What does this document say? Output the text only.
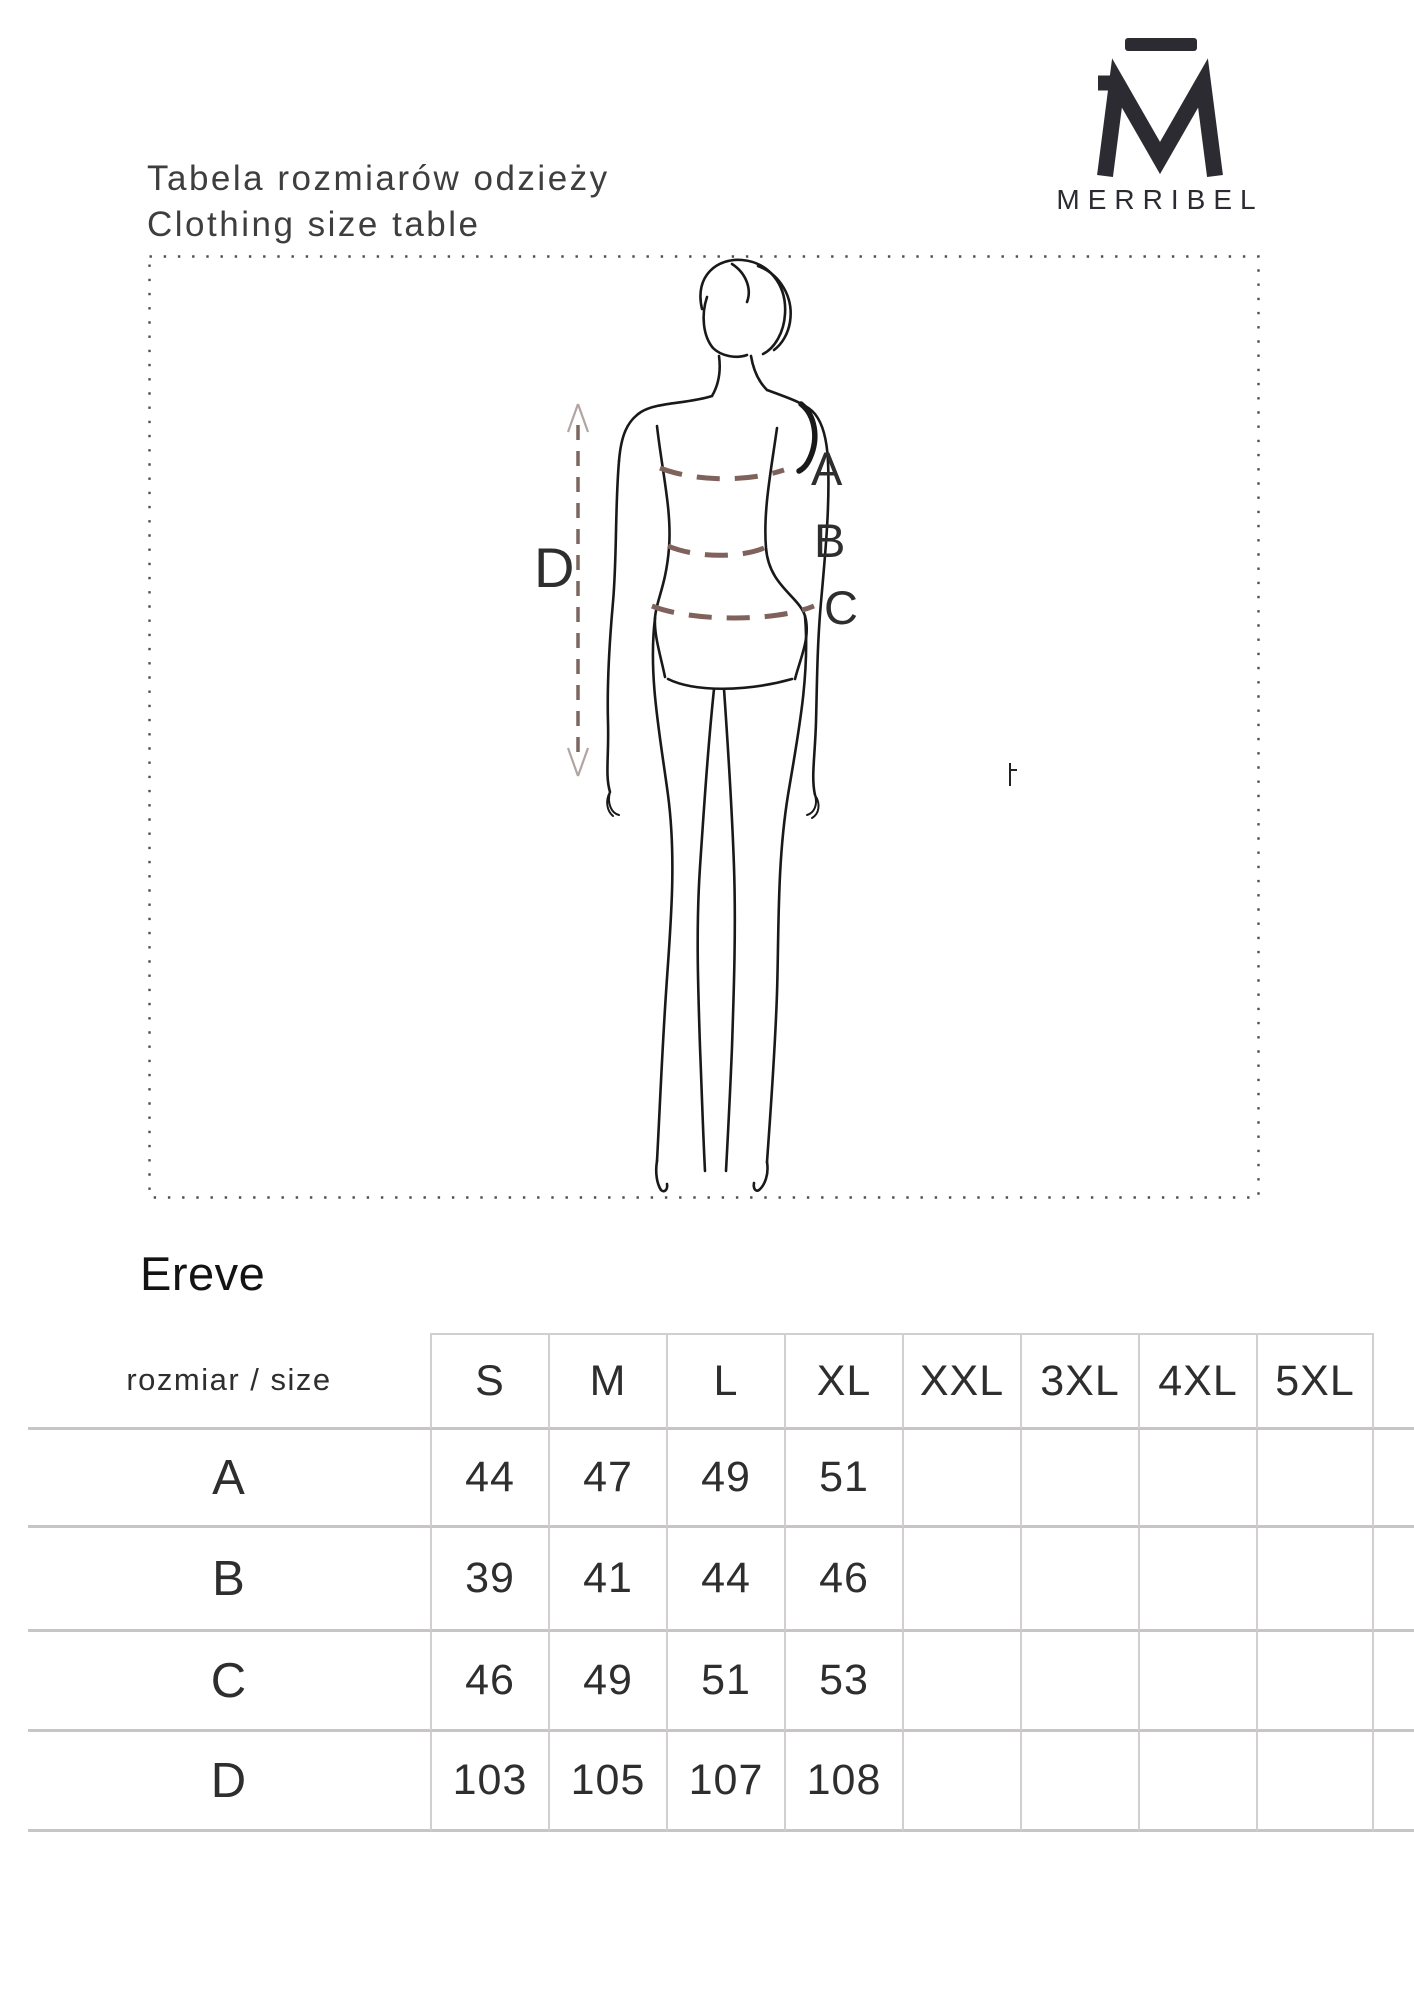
Tabela rozmiarów odzieży
Clothing size table
MERRIBEL
A
B
C
D
Ereve
rozmiar / size	S	M	L	XL	XXL 3XL 4XL 5XL
A	44	47	49	51
B	39	41	44	46
C	46	49	51	53
D	103	105	107	108
